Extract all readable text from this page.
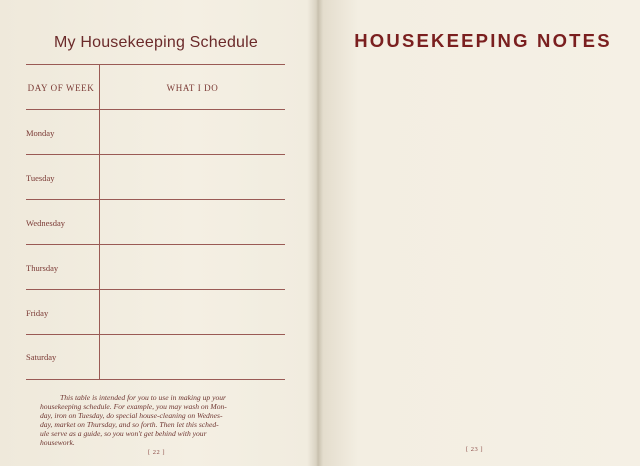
My Housekeeping Schedule
DAY OF WEEK	WHAT I DO
Monday
Tuesday
Wednesday
Thursday
Friday
Saturday
This table is intended for you to use in making up your
housekeeping schedule. For example, you may wash on Mon-
day, iron on Tuesday, do special house-cleaning on Wednes-
day, market on Thursday, and so forth. Then let this sched-
ule serve as a guide, so you won't get behind with your
housework.
[ 22 ]
HOUSEKEEPING NOTES
[ 23 ]
